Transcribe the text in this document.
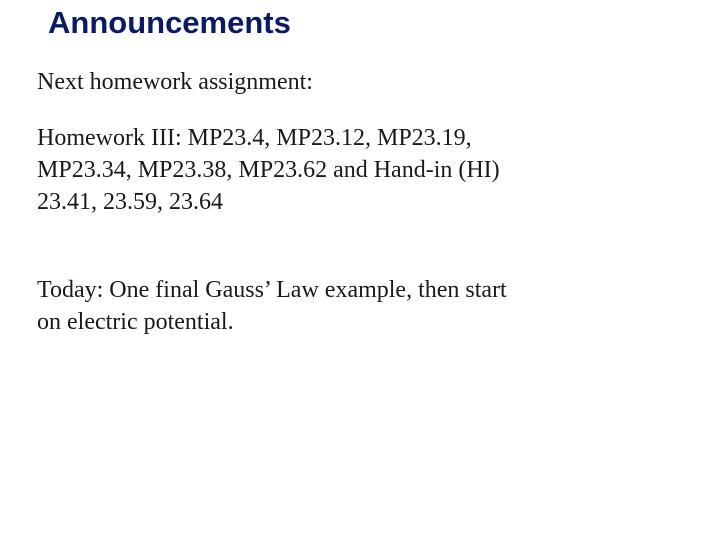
Announcements

Next homework assignment:

Homework III: MP23.4, MP23.12, MP23.19,
MP23.34, MP23.38, MP23.62 and Hand-in (HI)
23.41, 23.59, 23.64

Today: One final Gauss’ Law example, then start
on electric potential.
